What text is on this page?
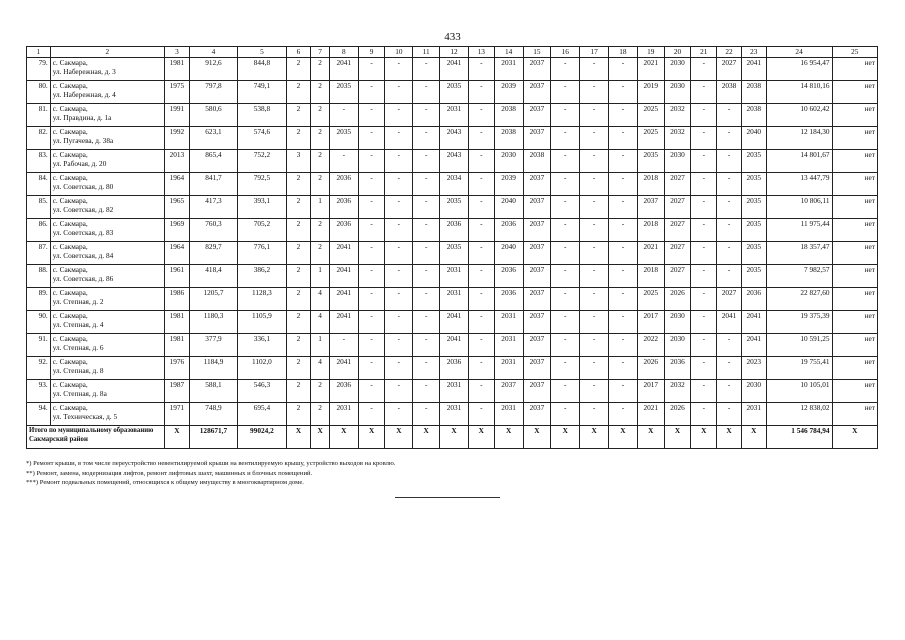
433
1	2	3	4	5	6	7	8	9	10	11	12	13	14	15	16	17	18	19	20	21	22	23	24	25
79.	с. Сакмара,
ул. Набережная, д. 3	1981	912,6	844,8	2	2	2041	-	-	-	2041	-	2031	2037	-	-	-	2021	2030	-	2027	2041	16 954,47	нет
80.	с. Сакмара,
ул. Набережная, д. 4	1975	797,8	749,1	2	2	2035	-	-	-	2035	-	2039	2037	-	-	-	2019	2030	-	2038	2038	14 810,16	нет
81.	с. Сакмара,
ул. Правдина, д. 1а	1991	580,6	538,8	2	2	-	-	-	-	2031	-	2038	2037	-	-	-	2025	2032	-	-	2038	10 602,42	нет
82.	с. Сакмара,
ул. Пугачева, д. 38а	1992	623,1	574,6	2	2	2035	-	-	-	2043	-	2038	2037	-	-	-	2025	2032	-	-	2040	12 184,30	нет
83.	с. Сакмара,
ул. Рабочая, д. 20	2013	865,4	752,2	3	2	-	-	-	-	2043	-	2030	2038	-	-	-	2035	2030	-	-	2035	14 801,67	нет
84.	с. Сакмара,
ул. Советская, д. 80	1964	841,7	792,5	2	2	2036	-	-	-	2034	-	2039	2037	-	-	-	2018	2027	-	-	2035	13 447,79	нет
85.	с. Сакмара,
ул. Советская, д. 82	1965	417,3	393,1	2	1	2036	-	-	-	2035	-	2040	2037	-	-	-	2037	2027	-	-	2035	10 806,11	нет
86.	с. Сакмара,
ул. Советская, д. 83	1969	760,3	705,2	2	2	2036	-	-	-	2036	-	2036	2037	-	-	-	2018	2027	-	-	2035	11 975,44	нет
87.	с. Сакмара,
ул. Советская, д. 84	1964	829,7	776,1	2	2	2041	-	-	-	2035	-	2040	2037	-	-	-	2021	2027	-	-	2035	18 357,47	нет
88.	с. Сакмара,
ул. Советская, д. 86	1961	418,4	386,2	2	1	2041	-	-	-	2031	-	2036	2037	-	-	-	2018	2027	-	-	2035	7 982,57	нет
89.	с. Сакмара,
ул. Степная, д. 2	1986	1205,7	1128,3	2	4	2041	-	-	-	2031	-	2036	2037	-	-	-	2025	2026	-	2027	2036	22 827,60	нет
90.	с. Сакмара,
ул. Степная, д. 4	1981	1180,3	1105,9	2	4	2041	-	-	-	2041	-	2031	2037	-	-	-	2017	2030	-	2041	2041	19 375,39	нет
91.	с. Сакмара,
ул. Степная, д. 6	1981	377,9	336,1	2	1	-	-	-	-	2041	-	2031	2037	-	-	-	2022	2030	-	-	2041	10 591,25	нет
92.	с. Сакмара,
ул. Степная, д. 8	1976	1184,9	1102,0	2	4	2041	-	-	-	2036	-	2031	2037	-	-	-	2026	2036	-	-	2023	19 755,41	нет
93.	с. Сакмара,
ул. Степная, д. 8а	1987	588,1	546,3	2	2	2036	-	-	-	2031	-	2037	2037	-	-	-	2017	2032	-	-	2030	10 105,01	нет
94.	с. Сакмара,
ул. Техническая, д. 5	1971	748,9	695,4	2	2	2031	-	-	-	2031	-	2031	2037	-	-	-	2021	2026	-	-	2031	12 838,02	нет
Итого по муниципальному образованию Сакмарский район		X	128671,7	99024,2	X	X	X	X	X	X	X	X	X	X	X	X	X	X	X	X	X	X	1 546 784,94	X
*) Ремонт крыши, в том числе переустройство невентилируемой крыши на вентилируемую крышу, устройство выходов на кровлю.
**) Ремонт, замена, модернизация лифтов, ремонт лифтовых шахт, машинных и блочных помещений.
***) Ремонт подвальных помещений, относящихся к общему имуществу в многоквартирном доме.
